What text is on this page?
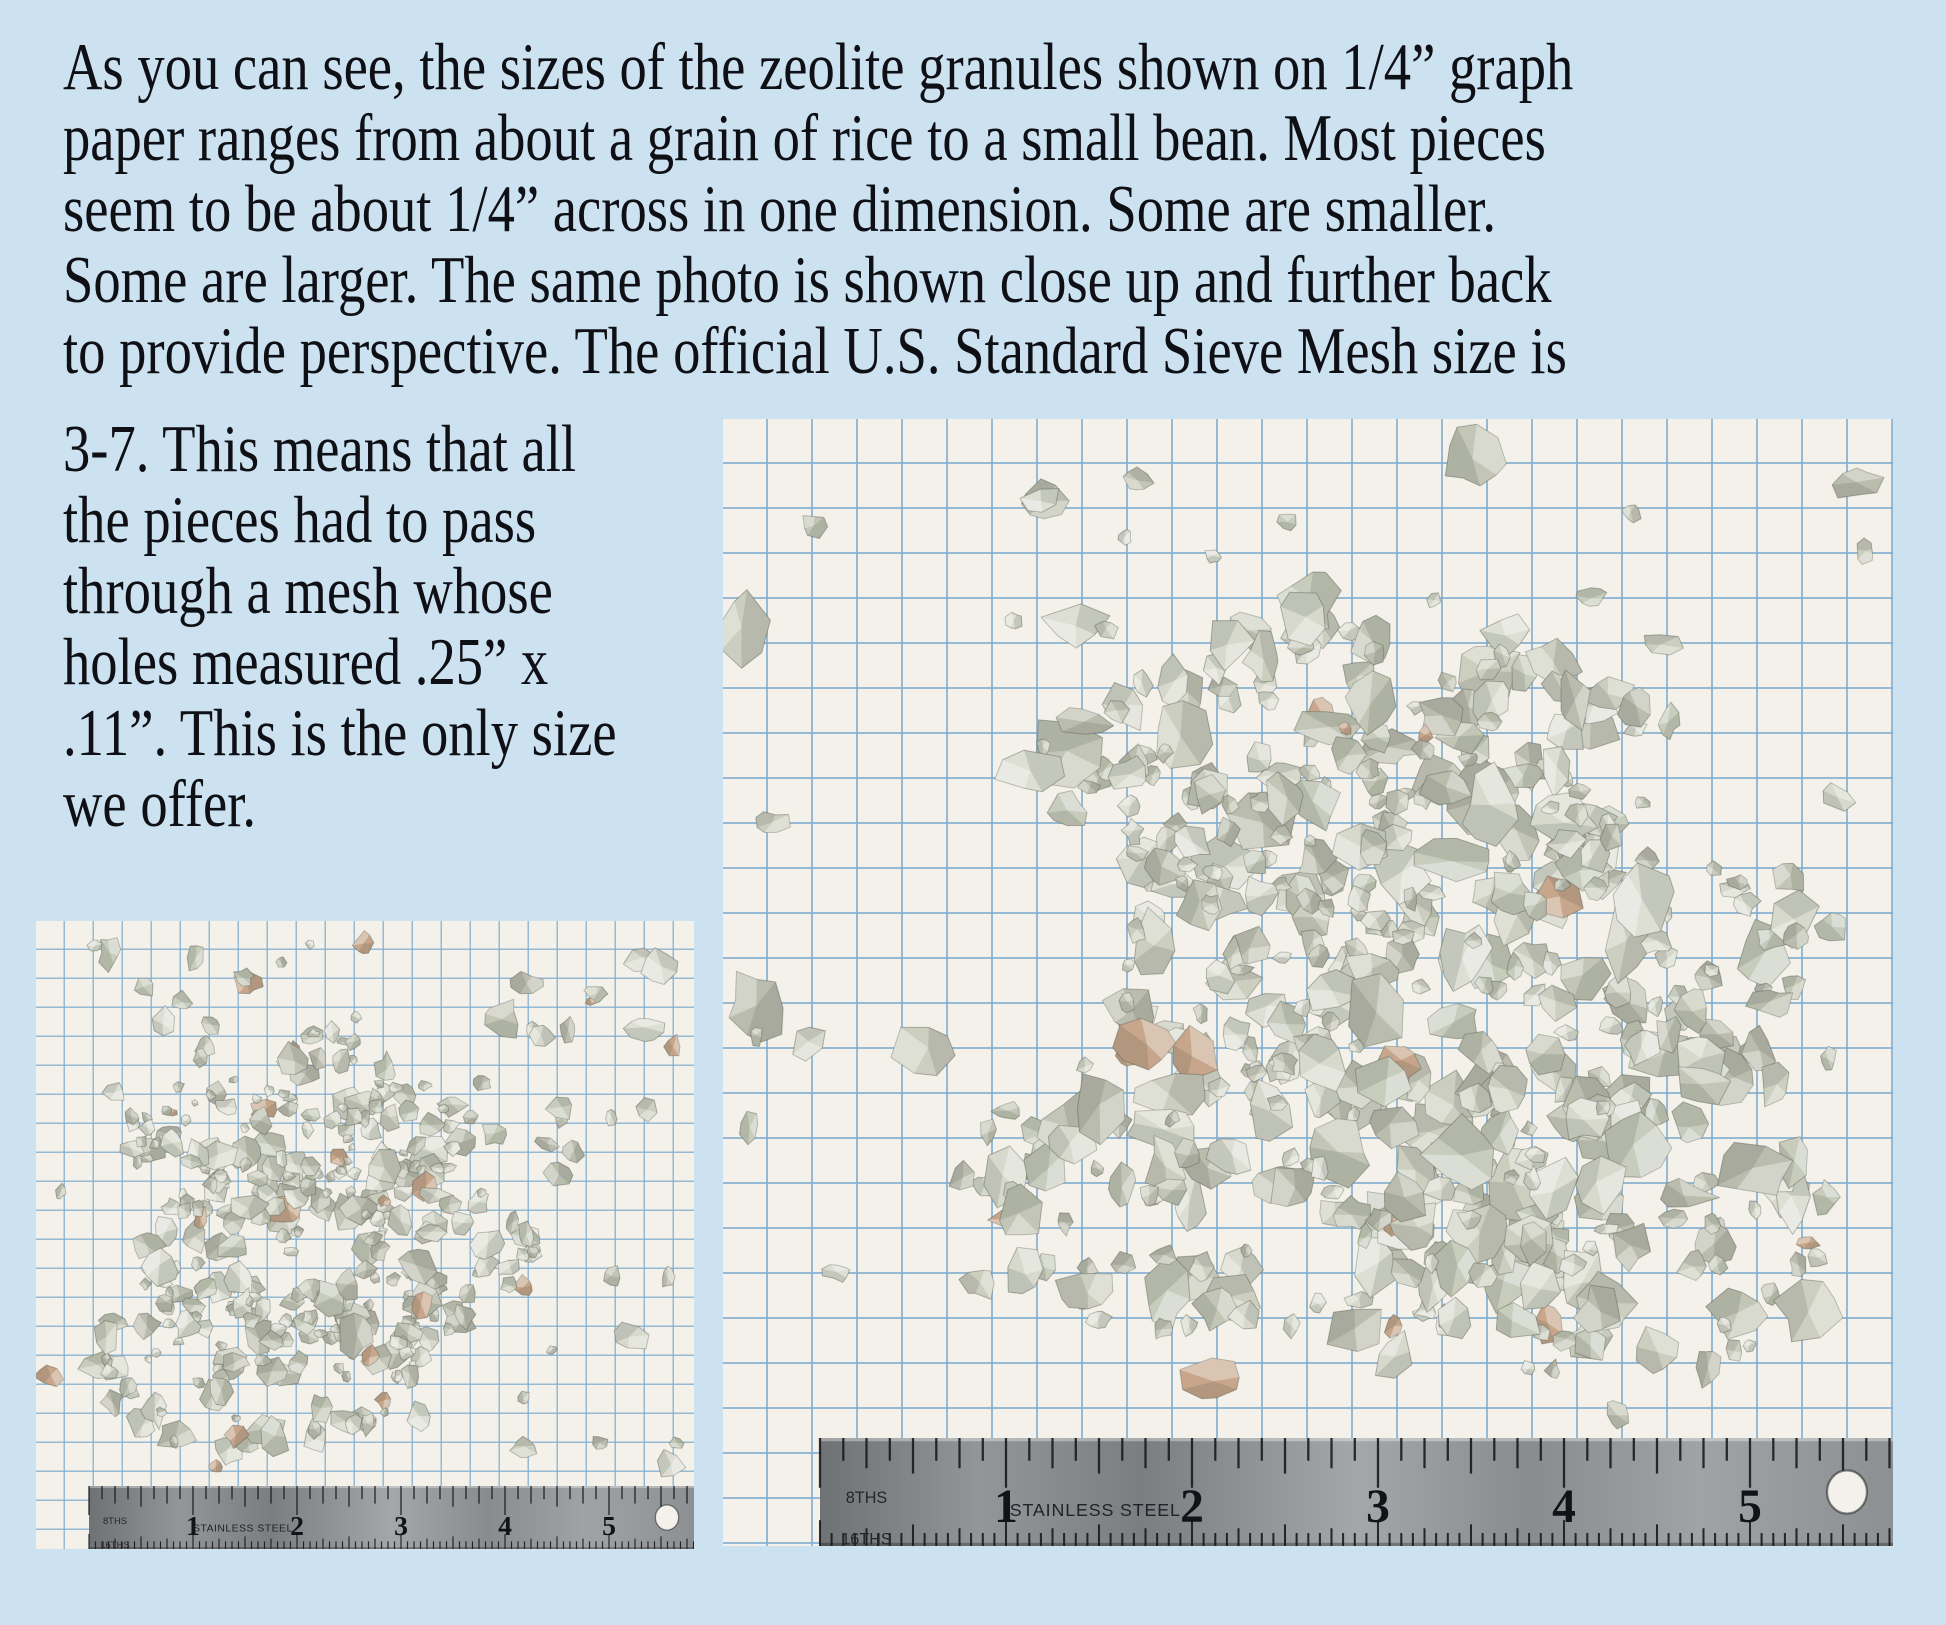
As you can see, the sizes of the zeolite granules shown on 1/4” graph
paper ranges from about a grain of rice to a small bean. Most pieces
seem to be about 1/4” across in one dimension. Some are smaller.
Some are larger. The same photo is shown close up and further back
to provide perspective. The official U.S. Standard Sieve Mesh size is
3-7. This means that all
the pieces had to pass
through a mesh whose
holes measured .25” x
.11”. This is the only size
we offer.
1	2	3	4	5
STAINLESS STEEL
8THS
16THS
1	2	3	4	5
STAINLESS STEEL
8THS
16THS
